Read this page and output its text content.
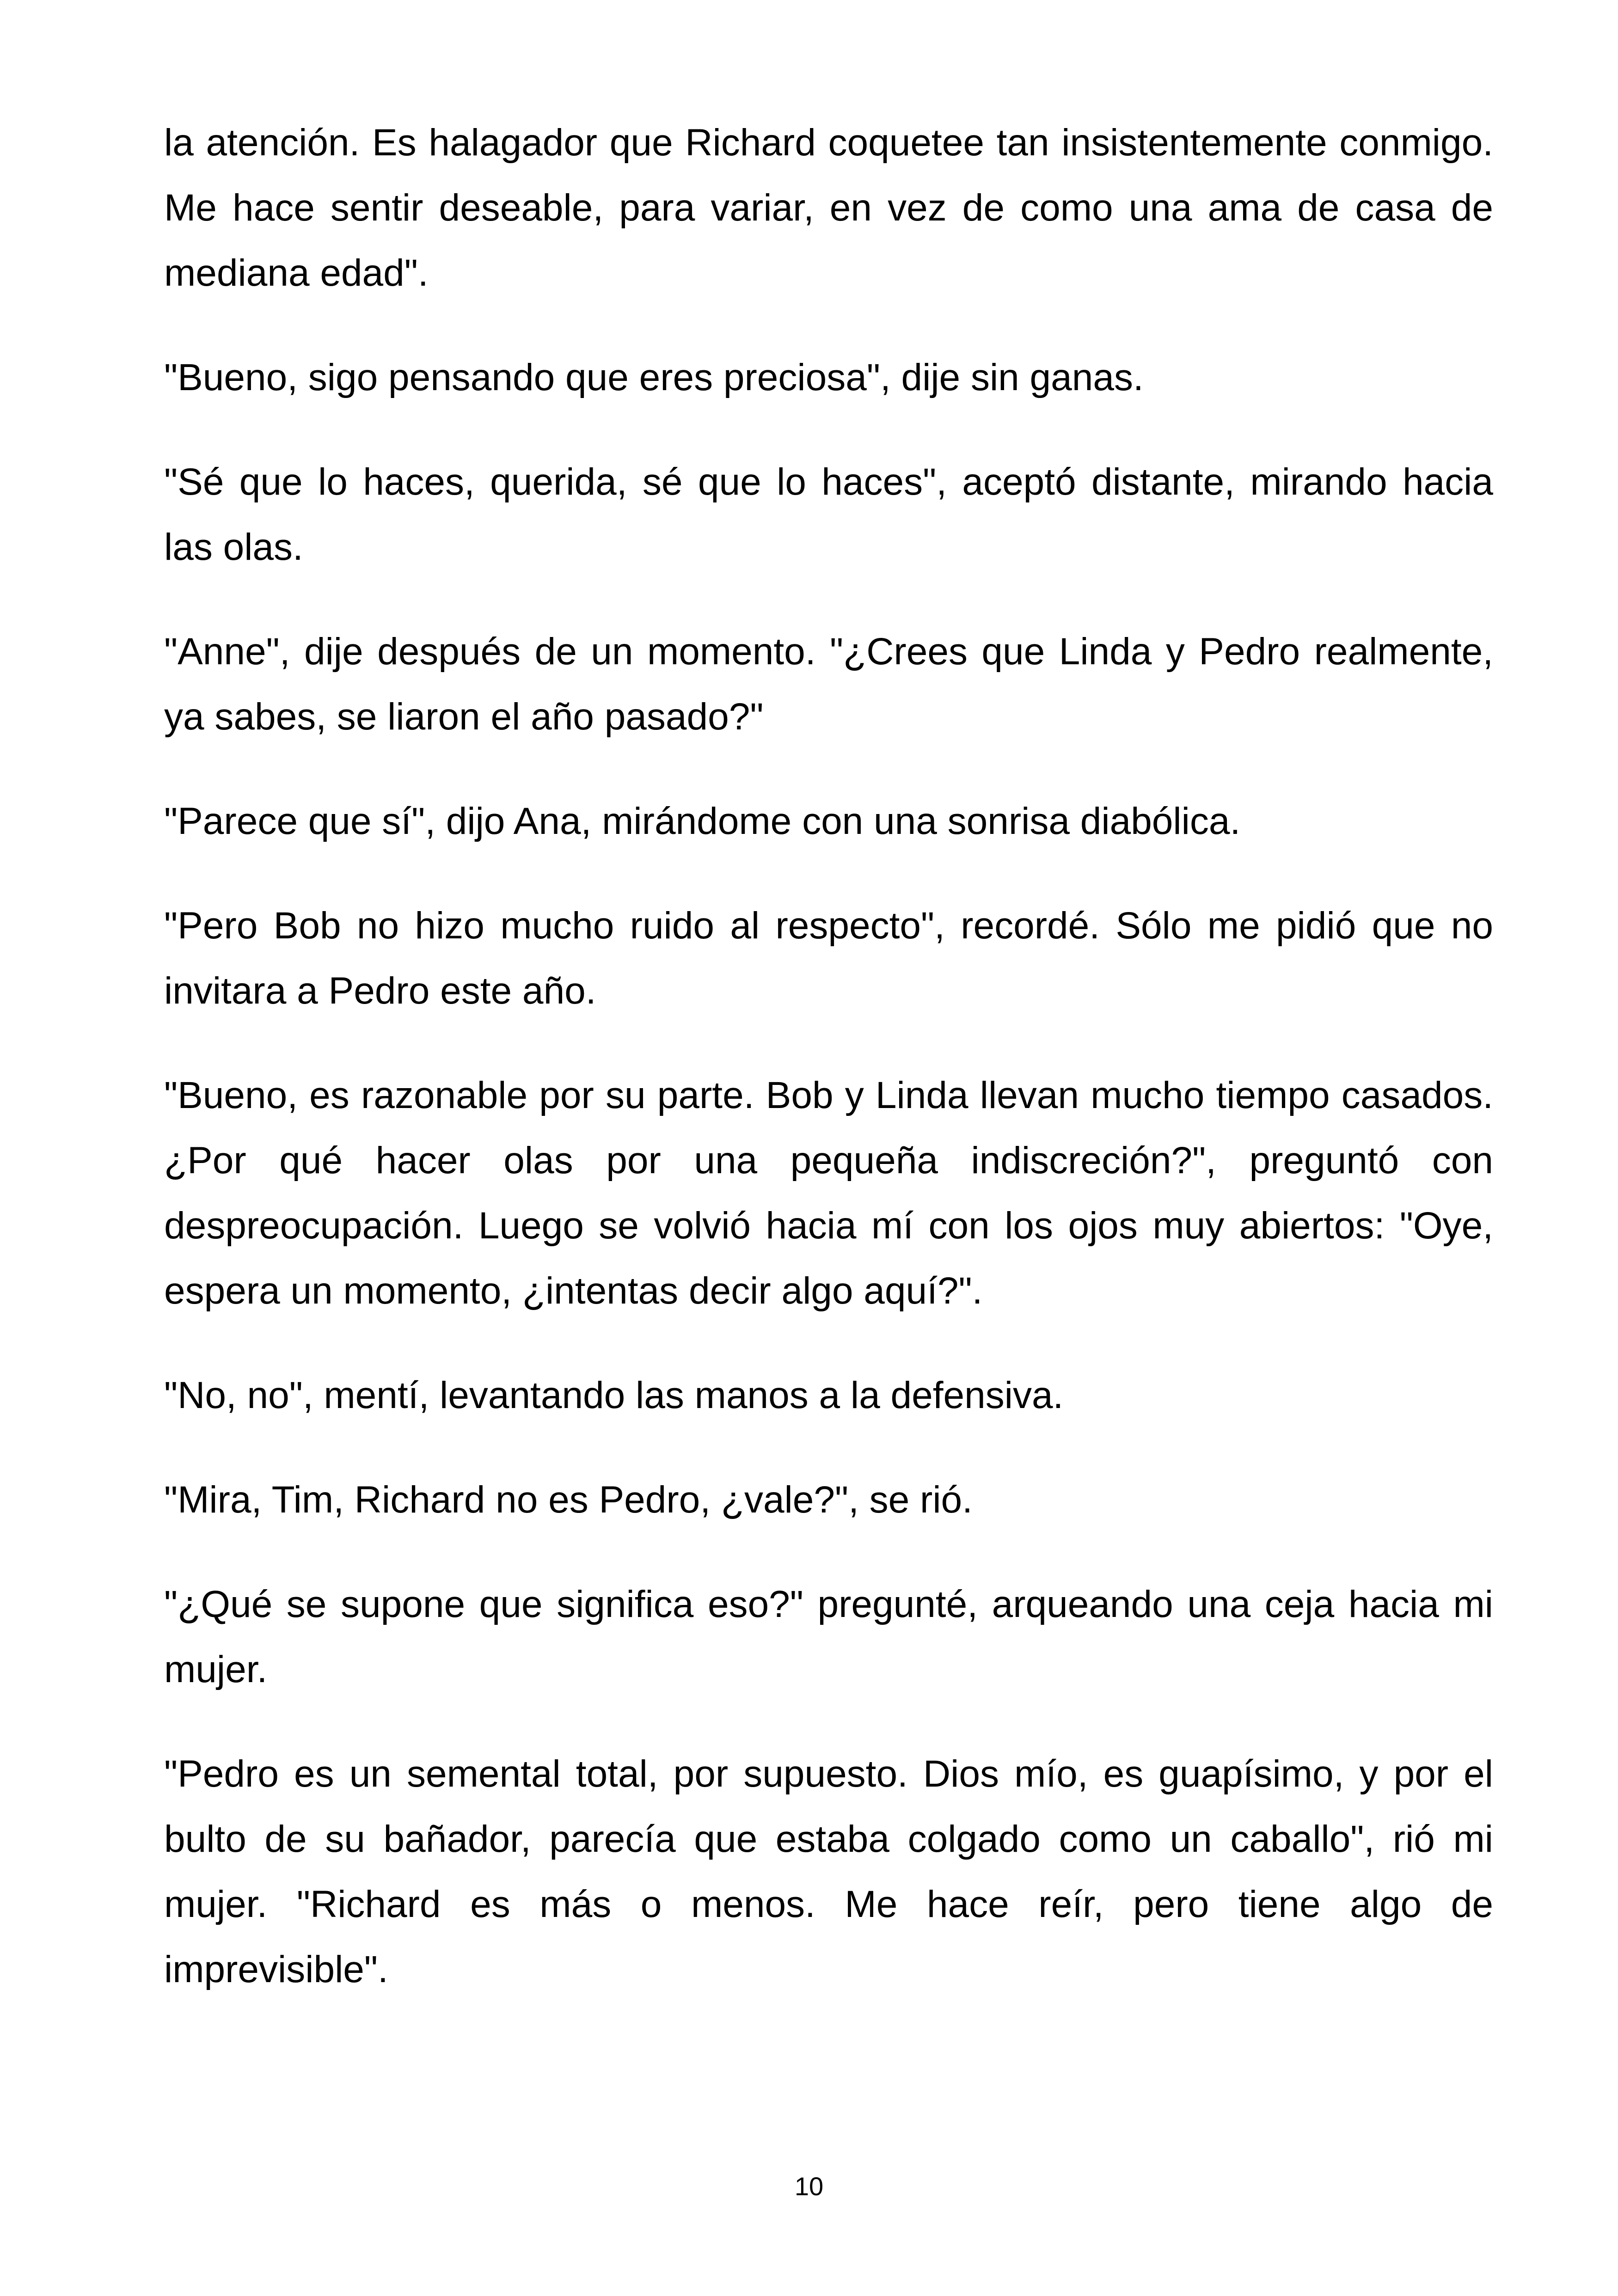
la atención. Es halagador que Richard coquetee tan insistentemente conmigo. Me hace sentir deseable, para variar, en vez de como una ama de casa de mediana edad".

"Bueno, sigo pensando que eres preciosa", dije sin ganas.

"Sé que lo haces, querida, sé que lo haces", aceptó distante, mirando hacia las olas.

"Anne", dije después de un momento. "¿Crees que Linda y Pedro realmente, ya sabes, se liaron el año pasado?"

"Parece que sí", dijo Ana, mirándome con una sonrisa diabólica.

"Pero Bob no hizo mucho ruido al respecto", recordé. Sólo me pidió que no invitara a Pedro este año.

"Bueno, es razonable por su parte. Bob y Linda llevan mucho tiempo casados. ¿Por qué hacer olas por una pequeña indiscreción?", preguntó con despreocupación. Luego se volvió hacia mí con los ojos muy abiertos: "Oye, espera un momento, ¿intentas decir algo aquí?".

"No, no", mentí, levantando las manos a la defensiva.

"Mira, Tim, Richard no es Pedro, ¿vale?", se rió.

"¿Qué se supone que significa eso?" pregunté, arqueando una ceja hacia mi mujer.

"Pedro es un semental total, por supuesto. Dios mío, es guapísimo, y por el bulto de su bañador, parecía que estaba colgado como un caballo", rió mi mujer. "Richard es más o menos. Me hace reír, pero tiene algo de imprevisible".

10
